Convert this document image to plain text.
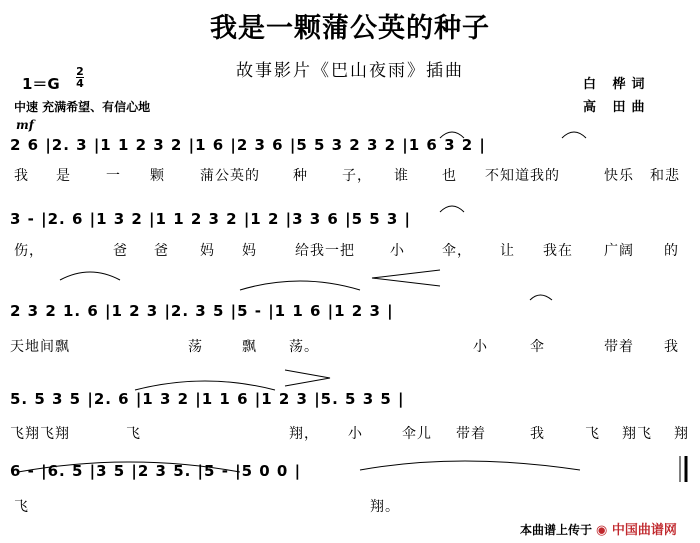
我是一颗蒲公英的种子
故事影片《巴山夜雨》插曲
1＝G
2
4	白 桦词
高 田曲
中速 充满希望、有信心地
mf
2 6 |2. 3 |1 1 2 3 2 |1 6 |2 3 6 |5 5 3 2 3 2 |1 6 3 2 |
我 是	一 颗	蒲公英的 种 子， 谁 也 不知道我的	快乐 和悲
3 - |2. 6 |1 3 2 |1 1 2 3 2 |1 2 |3 3 6 |5 5 3 |
伤，	爸 爸 妈 妈	给我一把	小	伞， 让 我在 广阔 的
2 3 2 1. 6 |1 2 3 |2. 3 5 |5 - |1 1 6 |1 2 3 |
天地间飘	荡	飘 荡。	小	伞	带着 我
5. 5 3 5 |2. 6 |1 3 2 |1 1 6 |1 2 3 |5. 5 3 5 |
飞翔飞翔	飞	翔， 小	伞儿 带着	我	飞 翔飞 翔
6 - |6. 5 |3 5 |2 3 5. |5 - |5 0 0 |
飞	翔。
本曲谱上传于 ◉ 中国曲谱网
